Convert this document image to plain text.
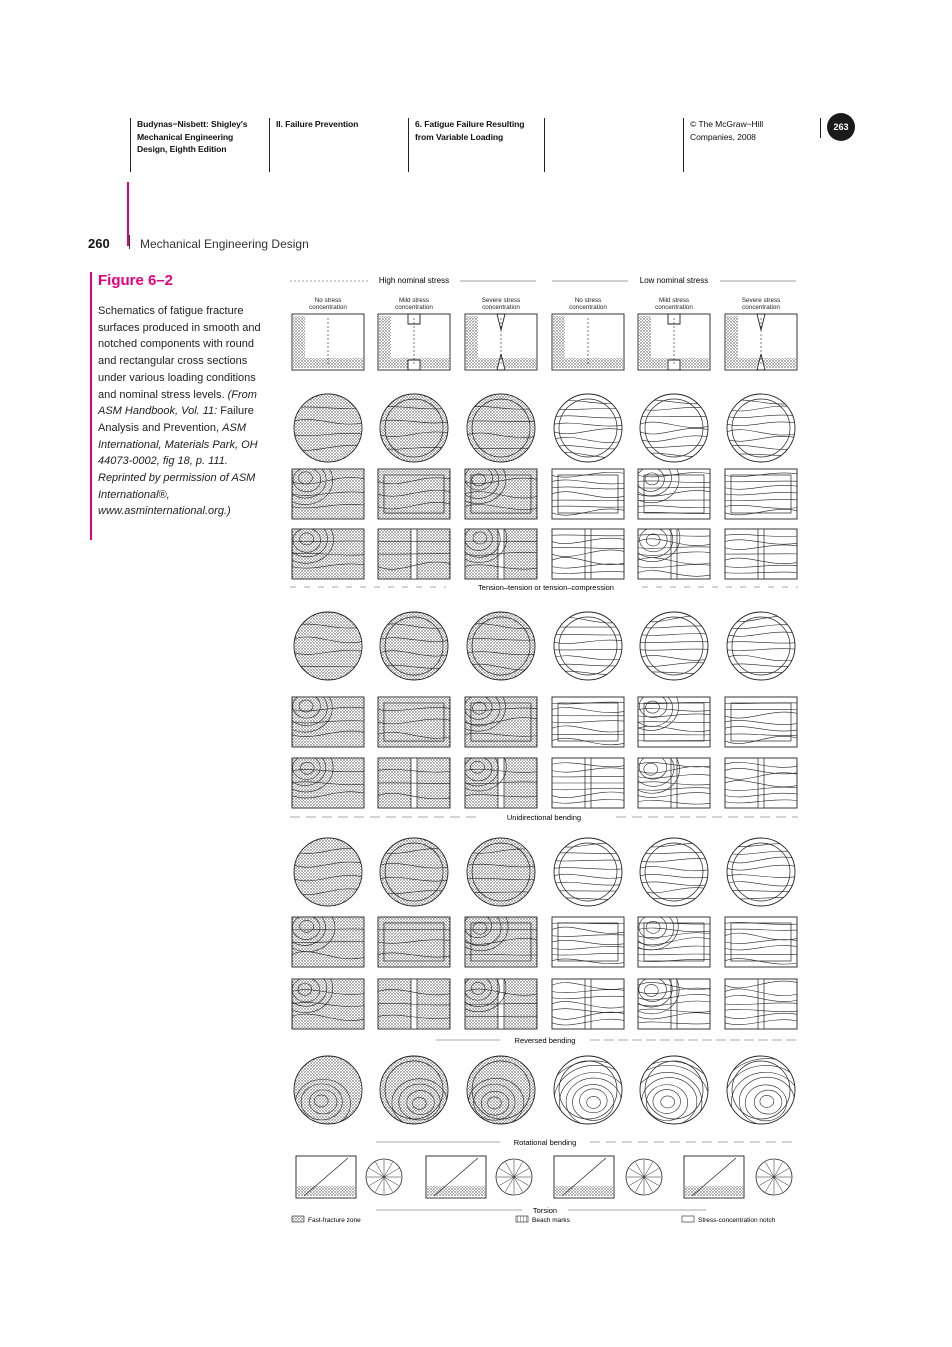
Budynas−Nisbett: Shigley's
Mechanical Engineering
Design, Eighth Edition
II. Failure Prevention	6. Fatigue Failure Resulting
from Variable Loading
© The McGraw−Hill
Companies, 2008
263
260	Mechanical Engineering Design
Figure 6–2
Schematics of fatigue fracture surfaces produced in smooth and notched components with round and rectangular cross sections under various loading conditions and nominal stress levels. (From ASM Handbook, Vol. 11: Failure Analysis and Prevention, ASM International, Materials Park, OH 44073-0002, fig 18, p. 111. Reprinted by permission of ASM International®, www.asminternational.org.)
High nominal stress	Low nominal stress
No stress
concentration
Mild stress
concentration
Severe stress
concentration
No stress
concentration
Mild stress
concentration
Severe stress
concentration
Tension–tension or tension–compression
Unidirectional bending
Reversed bending
Rotational bending
Torsion
Fast-fracture zone	Beach marks	Stress-concentration notch
